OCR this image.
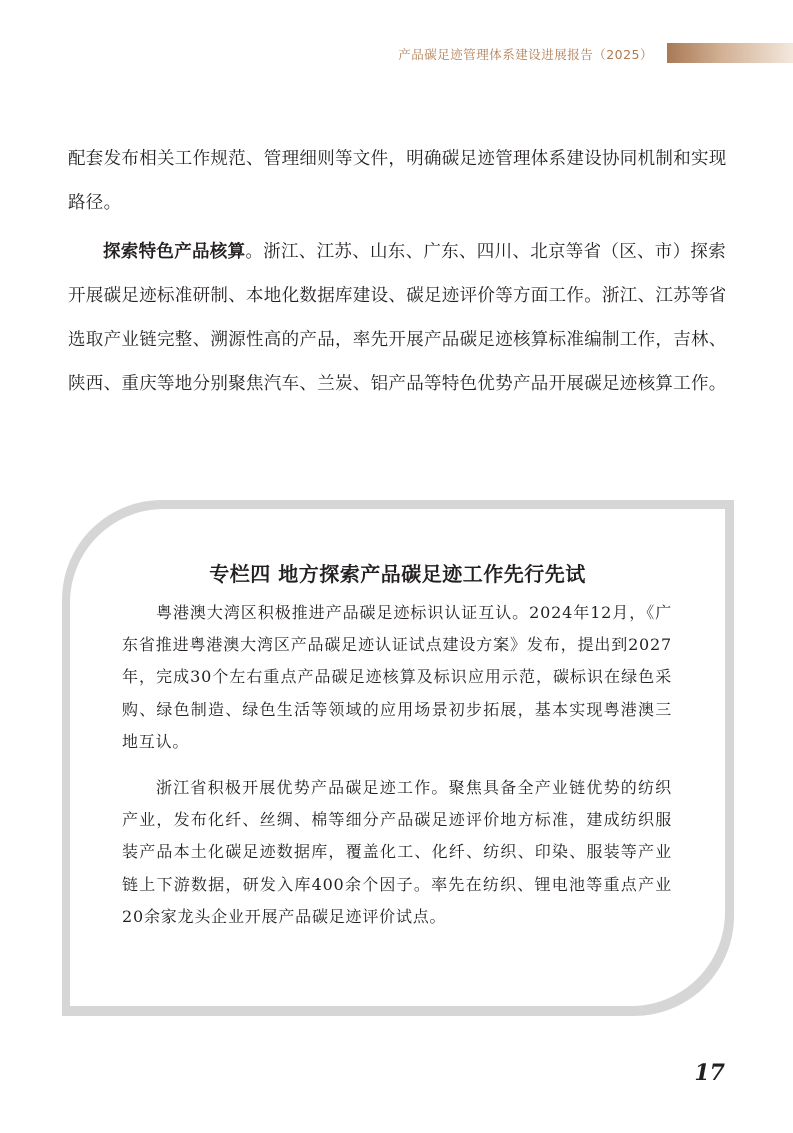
产品碳足迹管理体系建设进展报告（2025）
配套发布相关工作规范、管理细则等文件，明确碳足迹管理体系建设协同机制和实现路径。
探索特色产品核算。浙江、江苏、山东、广东、四川、北京等省（区、市）探索开展碳足迹标准研制、本地化数据库建设、碳足迹评价等方面工作。浙江、江苏等省选取产业链完整、溯源性高的产品，率先开展产品碳足迹核算标准编制工作，吉林、陕西、重庆等地分别聚焦汽车、兰炭、铝产品等特色优势产品开展碳足迹核算工作。
专栏四 地方探索产品碳足迹工作先行先试
粤港澳大湾区积极推进产品碳足迹标识认证互认。2024年12月，《广东省推进粤港澳大湾区产品碳足迹认证试点建设方案》发布，提出到2027年，完成30个左右重点产品碳足迹核算及标识应用示范，碳标识在绿色采购、绿色制造、绿色生活等领域的应用场景初步拓展，基本实现粤港澳三地互认。
浙江省积极开展优势产品碳足迹工作。聚焦具备全产业链优势的纺织产业，发布化纤、丝绸、棉等细分产品碳足迹评价地方标准，建成纺织服装产品本土化碳足迹数据库，覆盖化工、化纤、纺织、印染、服装等产业链上下游数据，研发入库400余个因子。率先在纺织、锂电池等重点产业20余家龙头企业开展产品碳足迹评价试点。
17
